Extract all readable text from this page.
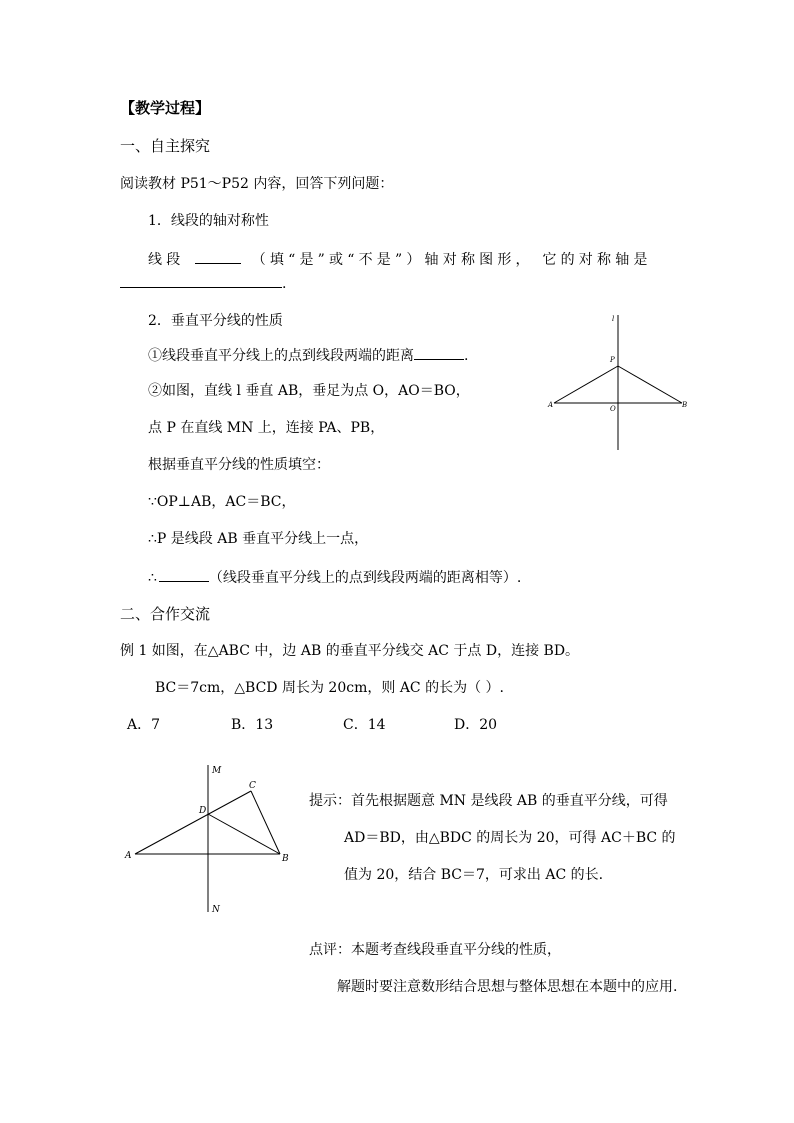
【教学过程】
一、自主探究
阅读教材 P51～P52 内容，回答下列问题：
1．线段的轴对称性
线段	（填“是”或“不是”）轴对称图形， 它的对称轴是
.
2．垂直平分线的性质
①线段垂直平分线上的点到线段两端的距离	.
②如图，直线 l 垂直 AB，垂足为点 O，AO＝BO，
点 P 在直线 MN 上，连接 PA、PB，
根据垂直平分线的性质填空：
∵OP⊥AB，AC＝BC，
∴P 是线段 AB 垂直平分线上一点，
∴	（线段垂直平分线上的点到线段两端的距离相等）.
l
P
A	O	B
二、合作交流
例 1 如图，在△ABC 中，边 AB 的垂直平分线交 AC 于点 D，连接 BD。
BC＝7cm，△BCD 周长为 20cm，则 AC 的长为（ ）.
A．7	B．13	C．14	D．20
M
C
D
A	B
N
提示：首先根据题意 MN 是线段 AB 的垂直平分线，可得
AD＝BD，由△BDC 的周长为 20，可得 AC＋BC 的
值为 20，结合 BC＝7，可求出 AC 的长.
点评：本题考查线段垂直平分线的性质，
解题时要注意数形结合思想与整体思想在本题中的应用.
